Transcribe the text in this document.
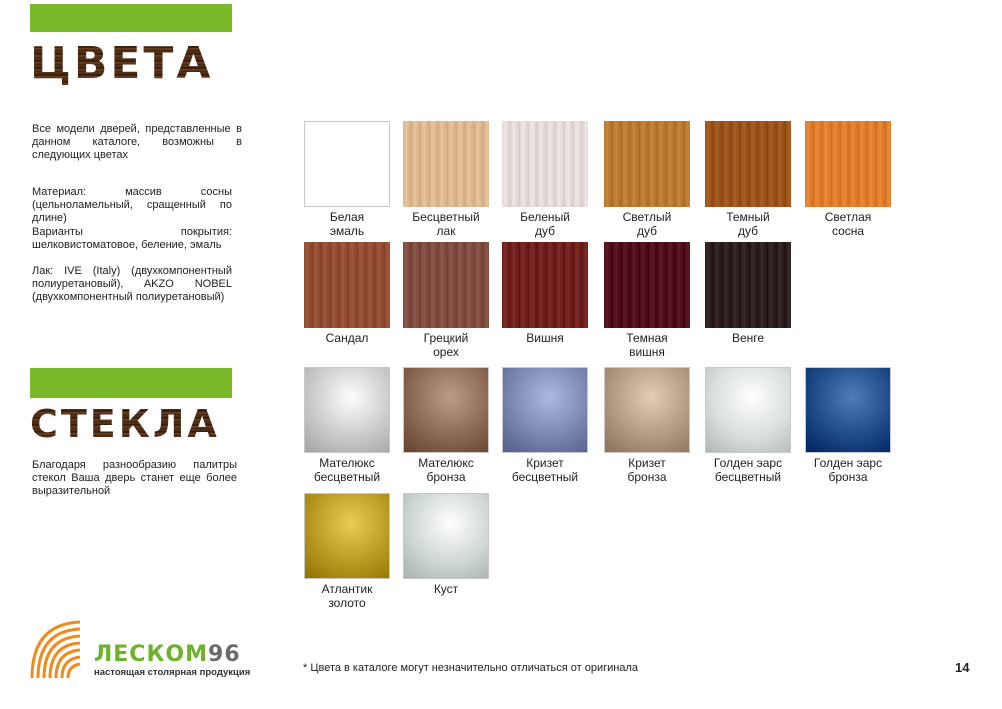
ЦВЕТА
Все модели дверей, представленные в данном каталоге, возможны в следующих цветах
Материал: массив сосны (цельноламельный, сращенный по длине)
Варианты покрытия: шелковистоматовое, беление, эмаль
Лак: IVE (Italy) (двухкомпонентный полиуретановый), AKZO NOBEL (двухкомпонентный полиуретановый)
СТЕКЛА
Благодаря разнообразию палитры стекол Ваша дверь станет еще более выразительной
Белая
эмаль
Бесцветный
лак
Беленый
дуб
Светлый
дуб
Темный
дуб
Светлая
сосна
Сандал	Грецкий
орех
Вишня	Темная
вишня
Венге
Мателюкс
бесцветный
Мателюкс
бронза
Кризет
бесцветный
Кризет
бронза
Голден эарс
бесцветный
Голден эарс
бронза
Атлантик
золото
Куст
ЛЕСКОМ96
настоящая столярная продукция	* Цвета в каталоге могут незначительно отличаться от оригинала	14
